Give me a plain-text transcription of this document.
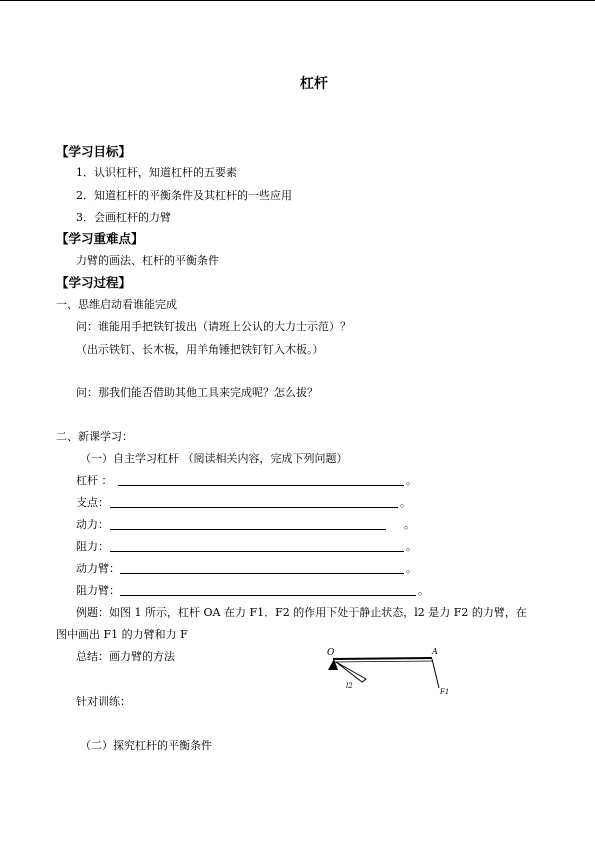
杠杆
【学习目标】
1．认识杠杆，知道杠杆的五要素
2．知道杠杆的平衡条件及其杠杆的一些应用
3．会画杠杆的力臂
【学习重难点】
力臂的画法、杠杆的平衡条件
【学习过程】
一、思维启动看谁能完成
问：谁能用手把铁钉拔出（请班上公认的大力士示范）？
（出示铁钉、长木板，用羊角锤把铁钉钉入木板。）
问：那我们能否借助其他工具来完成呢？怎么拔？
二、新课学习：
（一）自主学习杠杆 （阅读相关内容，完成下列问题）
杠杆 ：	。
支点：	。
动力：	。
阻力：	。
动力臂：	。
阻力臂：	。
例题：如图 1 所示，杠杆 OA 在力 F1．F2 的作用下处于静止状态，l2 是力 F2 的力臂，在
图中画出 F1 的力臂和力 F
总结：画力臂的方法	O	A
l2
F1
针对训练：
（二）探究杠杆的平衡条件
